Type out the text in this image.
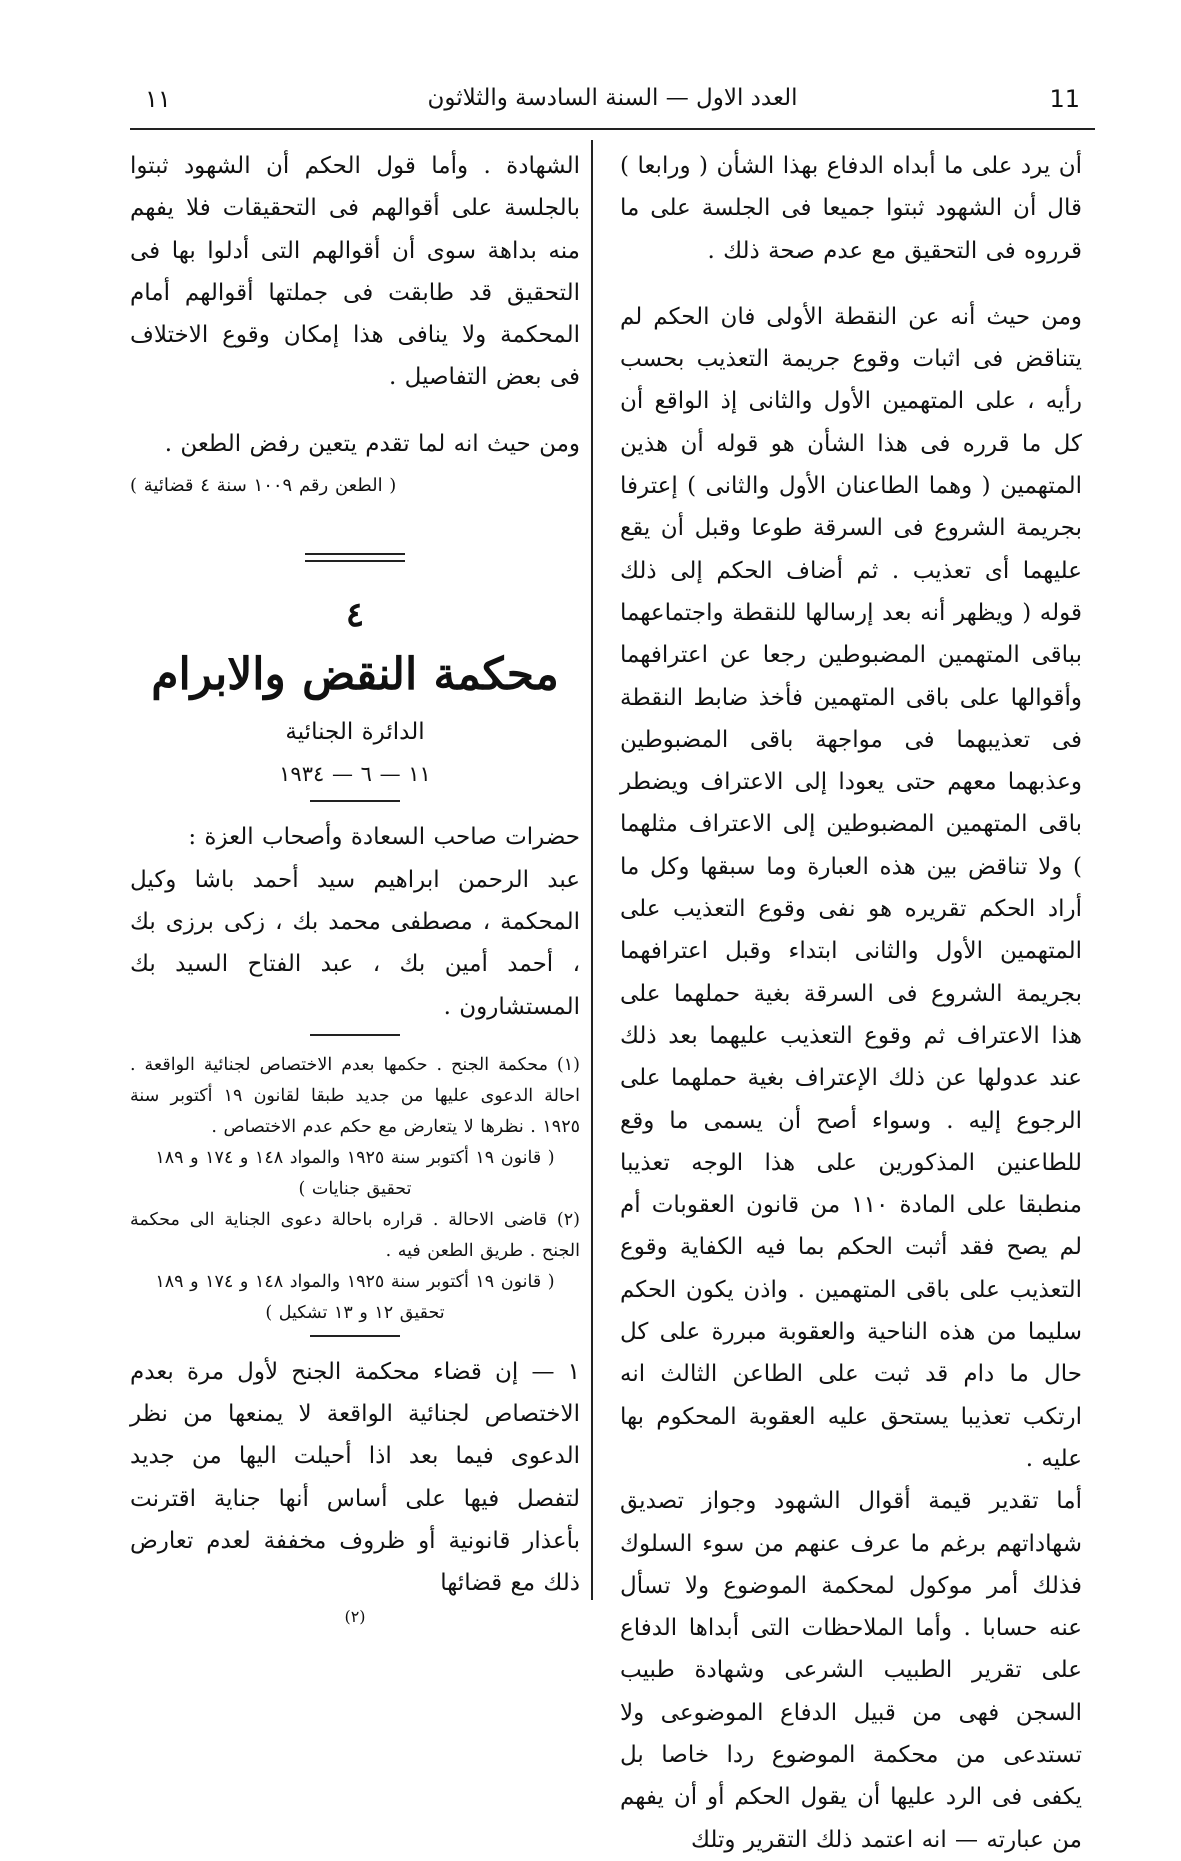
11
العدد الاول — السنة السادسة والثلاثون
١١

أن يرد على ما أبداه الدفاع بهذا الشأن ( ورابعا ) قال أن الشهود ثبتوا جميعا فى الجلسة على ما قرروه فى التحقيق مع عدم صحة ذلك .

ومن حيث أنه عن النقطة الأولى فان الحكم لم يتناقض فى اثبات وقوع جريمة التعذيب بحسب رأيه ، على المتهمين الأول والثانى إذ الواقع أن كل ما قرره فى هذا الشأن هو قوله أن هذين المتهمين ( وهما الطاعنان الأول والثانى ) إعترفا بجريمة الشروع فى السرقة طوعا وقبل أن يقع عليهما أى تعذيب . ثم أضاف الحكم إلى ذلك قوله ( ويظهر أنه بعد إرسالها للنقطة واجتماعهما بباقى المتهمين المضبوطين رجعا عن اعترافهما وأقوالها على باقى المتهمين فأخذ ضابط النقطة فى تعذيبهما فى مواجهة باقى المضبوطين وعذبهما معهم حتى يعودا إلى الاعتراف ويضطر باقى المتهمين المضبوطين إلى الاعتراف مثلهما ) ولا تناقض بين هذه العبارة وما سبقها وكل ما أراد الحكم تقريره هو نفى وقوع التعذيب على المتهمين الأول والثانى ابتداء وقبل اعترافهما بجريمة الشروع فى السرقة بغية حملهما على هذا الاعتراف ثم وقوع التعذيب عليهما بعد ذلك عند عدولها عن ذلك الإعتراف بغية حملهما على الرجوع إليه . وسواء أصح أن يسمى ما وقع للطاعنين المذكورين على هذا الوجه تعذيبا منطبقا على المادة ١١٠ من قانون العقوبات أم لم يصح فقد أثبت الحكم بما فيه الكفاية وقوع التعذيب على باقى المتهمين . واذن يكون الحكم سليما من هذه الناحية والعقوبة مبررة على كل حال ما دام قد ثبت على الطاعن الثالث انه ارتكب تعذيبا يستحق عليه العقوبة المحكوم بها عليه .

أما تقدير قيمة أقوال الشهود وجواز تصديق شهاداتهم برغم ما عرف عنهم من سوء السلوك فذلك أمر موكول لمحكمة الموضوع ولا تسأل عنه حسابا . وأما الملاحظات التى أبداها الدفاع على تقرير الطبيب الشرعى وشهادة طبيب السجن فهى من قبيل الدفاع الموضوعى ولا تستدعى من محكمة الموضوع ردا خاصا بل يكفى فى الرد عليها أن يقول الحكم أو أن يفهم من عبارته — انه اعتمد ذلك التقرير وتلك

الشهادة . وأما قول الحكم أن الشهود ثبتوا بالجلسة على أقوالهم فى التحقيقات فلا يفهم منه بداهة سوى أن أقوالهم التى أدلوا بها فى التحقيق قد طابقت فى جملتها أقوالهم أمام المحكمة ولا ينافى هذا إمكان وقوع الاختلاف فى بعض التفاصيل .

ومن حيث انه لما تقدم يتعين رفض الطعن .

( الطعن رقم ١٠٠٩ سنة ٤ قضائية )

٤
محكمة النقض والابرام
الدائرة الجنائية
١١ — ٦ — ١٩٣٤

حضرات صاحب السعادة وأصحاب العزة :

عبد الرحمن ابراهيم سيد أحمد باشا وكيل المحكمة ، مصطفى محمد بك ، زكى برزى بك ، أحمد أمين بك ، عبد الفتاح السيد بك المستشارون .

(١) محكمة الجنح . حكمها بعدم الاختصاص لجنائية الواقعة . احالة الدعوى عليها من جديد طبقا لقانون ١٩ أكتوبر سنة ١٩٢٥ . نظرها لا يتعارض مع حكم عدم الاختصاص .

( قانون ١٩ أكتوبر سنة ١٩٢٥ والمواد ١٤٨ و ١٧٤ و ١٨٩ تحقيق جنايات )

(٢) قاضى الاحالة . قراره باحالة دعوى الجناية الى محكمة الجنح . طريق الطعن فيه .

( قانون ١٩ أكتوبر سنة ١٩٢٥ والمواد ١٤٨ و ١٧٤ و ١٨٩ تحقيق ١٢ و ١٣ تشكيل )

١ — إن قضاء محكمة الجنح لأول مرة بعدم الاختصاص لجنائية الواقعة لا يمنعها من نظر الدعوى فيما بعد اذا أحيلت اليها من جديد لتفصل فيها على أساس أنها جناية اقترنت بأعذار قانونية أو ظروف مخففة لعدم تعارض ذلك مع قضائها

(٢)
